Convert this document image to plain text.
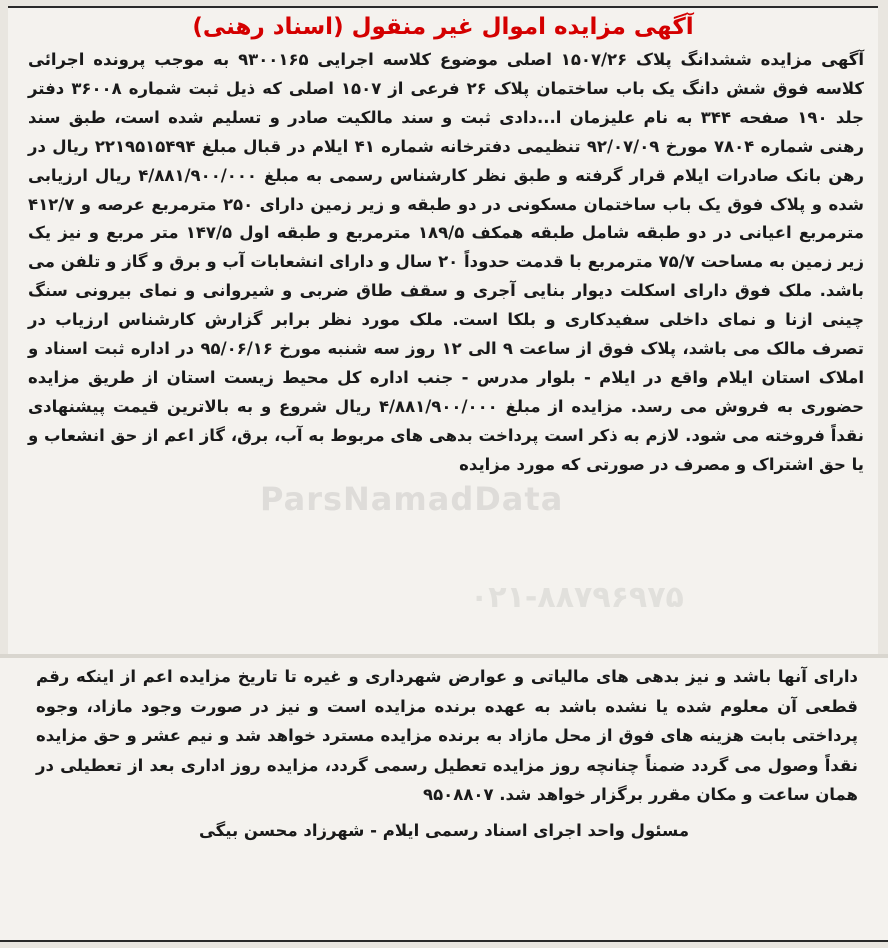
آگهی مزایده اموال غیر منقول (اسناد رهنی)

آگهی مزایده ششدانگ پلاک ۱۵۰۷/۲۶ اصلی موضوع کلاسه اجرایی ۹۳۰۰۱۶۵ به موجب پرونده اجرائی کلاسه فوق شش دانگ یک باب ساختمان پلاک ۲۶ فرعی از ۱۵۰۷ اصلی که ذیل ثبت شماره ۳۶۰۰۸ دفتر جلد ۱۹۰ صفحه ۳۴۴ به نام علیزمان ا...دادی ثبت و سند مالکیت صادر و تسلیم شده است، طبق سند رهنی شماره ۷۸۰۴ مورخ ۹۲/۰۷/۰۹ تنظیمی دفترخانه شماره ۴۱ ایلام در قبال مبلغ ۲۲۱۹۵۱۵۴۹۴ ریال در رهن بانک صادرات ایلام قرار گرفته و طبق نظر کارشناس رسمی به مبلغ ۴/۸۸۱/۹۰۰/۰۰۰ ریال ارزیابی شده و پلاک فوق یک باب ساختمان مسکونی در دو طبقه و زیر زمین دارای ۲۵۰ مترمربع عرصه و ۴۱۲/۷ مترمربع اعیانی در دو طبقه شامل طبقه همکف ۱۸۹/۵ مترمربع و طبقه اول ۱۴۷/۵ متر مربع و نیز یک زیر زمین به مساحت ۷۵/۷ مترمربع با قدمت حدوداً ۲۰ سال و دارای انشعابات آب و برق و گاز و تلفن می باشد. ملک فوق دارای اسکلت دیوار بنایی آجری و سقف طاق ضربی و شیروانی و نمای بیرونی سنگ چینی ازنا و نمای داخلی سفیدکاری و بلکا است. ملک مورد نظر برابر گزارش کارشناس ارزیاب در تصرف مالک می باشد، پلاک فوق از ساعت ۹ الی ۱۲ روز سه شنبه مورخ ۹۵/۰۶/۱۶ در اداره ثبت اسناد و املاک استان ایلام واقع در ایلام - بلوار مدرس - جنب اداره کل محیط زیست استان از طریق مزایده حضوری به فروش می رسد. مزایده از مبلغ ۴/۸۸۱/۹۰۰/۰۰۰ ریال شروع و به بالاترین قیمت پیشنهادی نقداً فروخته می شود. لازم به ذکر است پرداخت بدهی های مربوط به آب، برق، گاز اعم از حق انشعاب و یا حق اشتراک و مصرف در صورتی که مورد مزایده

دارای آنها باشد و نیز بدهی های مالیاتی و عوارض شهرداری و غیره تا تاریخ مزایده اعم از اینکه رقم قطعی آن معلوم شده یا نشده باشد به عهده برنده مزایده است و نیز در صورت وجود مازاد، وجوه پرداختی بابت هزینه های فوق از محل مازاد به برنده مزایده مسترد خواهد شد و نیم عشر و حق مزایده نقداً وصول می گردد ضمناً چنانچه روز مزایده تعطیل رسمی گردد، مزایده روز اداری بعد از تعطیلی در همان ساعت و مکان مقرر برگزار خواهد شد. ۹۵۰۸۸۰۷

مسئول واحد اجرای اسناد رسمی ایلام - شهرزاد محسن بیگی
